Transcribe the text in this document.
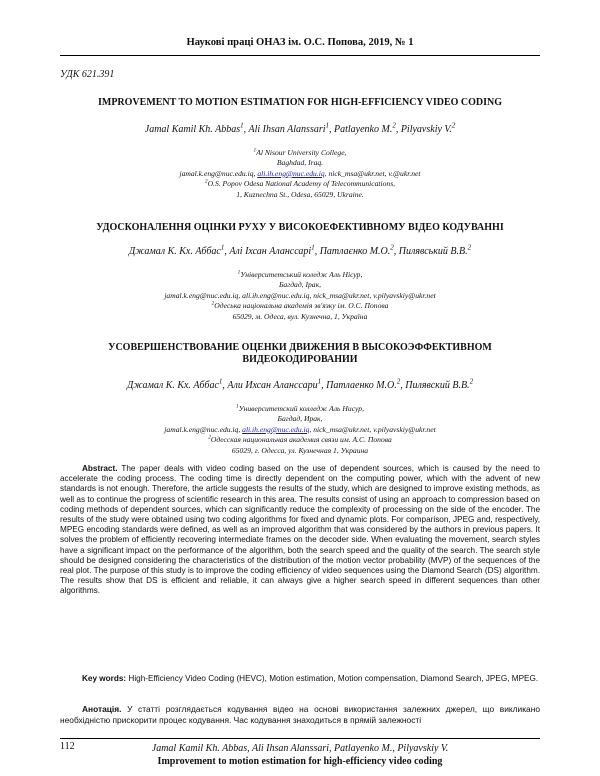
Наукові праці ОНАЗ ім. О.С. Попова, 2019, № 1
УДК 621.391
IMPROVEMENT TO MOTION ESTIMATION FOR HIGH-EFFICIENCY VIDEO CODING
Jamal Kamil Kh. Abbas$^1$, Ali Ihsan Alanssari$^1$, Patlayenko M.$^2$, Pilyavskiy V.$^2$
$^1$Al Nisour University College,
Baghdad, Iraq.
jamal.k.eng@nuc.edu.iq, ali.ih.eng@nuc.edu.iq, nick_msa@ukr.net, v.@ukr.net
$^2$O.S. Popov Odesa National Academy of Telecommunications,
1, Kuznechna St., Odesa, 65029, Ukraine.
УДОСКОНАЛЕННЯ ОЦІНКИ РУХУ У ВИСОКОЕФЕКТИВНОМУ ВІДЕО КОДУВАННІ
Джамал К. Кх. Аббас$^1$, Алі Іхсан Аланссарі$^1$, Патлаєнко М.О.$^2$, Пилявський В.В.$^2$
$^1$Університетський коледж Аль Нісур,
Багдад, Ірак,
jamal.k.eng@nuc.edu.iq, ali.ih.eng@nuc.edu.iq, nick_msa@ukr.net, v.pilyavskiy@ukr.net
$^2$Одеська національна академія зв'язку ім. О.С. Попова
65029, м. Одеса, вул. Кузнечна, 1, Україна
УСОВЕРШЕНСТВОВАНИЕ ОЦЕНКИ ДВИЖЕНИЯ В ВЫСОКОЭФФЕКТИВНОМ
ВИДЕОКОДИРОВАНИИ
Джамал К. Кх. Аббас$^1$, Али Ихсан Аланссари$^1$, Патлаенко М.О.$^2$, Пилявский В.В.$^2$
$^1$Университетский колледж Аль Нисур,
Багдад, Ирак,
jamal.k.eng@nuc.edu.iq, ali.ih.eng@nuc.edu.iq, nick_msa@ukr.net, v.pilyavskiy@ukr.net
$^2$Одесская национальная академия связи им. А.С. Попова
65029, г. Одесса, ул. Кузнечная 1, Украина
Abstract. The paper deals with video coding based on the use of dependent sources, which is caused by the need to accelerate the coding process. The coding time is directly dependent on the computing power, which with the advent of new standards is not enough. Therefore, the article suggests the results of the study, which are designed to improve existing methods, as well as to continue the progress of scientific research in this area. The results consist of using an approach to compression based on coding methods of dependent sources, which can significantly reduce the complexity of processing on the side of the encoder. The results of the study were obtained using two coding algorithms for fixed and dynamic plots. For comparison, JPEG and, respectively, MPEG encoding standards were defined, as well as an improved algorithm that was considered by the authors in previous papers. It solves the problem of efficiently recovering intermediate frames on the decoder side. When evaluating the movement, search styles have a significant impact on the performance of the algorithm, both the search speed and the quality of the search. The search style should be designed considering the characteristics of the distribution of the motion vector probability (MVP) of the sequences of the real plot. The purpose of this study is to improve the coding efficiency of video sequences using the Diamond Search (DS) algorithm. The results show that DS is efficient and reliable, it can always give a higher search speed in different sequences than other algorithms.
Key words: High-Efficiency Video Coding (HEVC), Motion estimation, Motion compensation, Diamond Search, JPEG, MPEG.
Анотація. У статті розглядається кодування відео на основі використання залежних джерел, що викликано необхідністю прискорити процес кодування. Час кодування знаходиться в прямій залежності
112	Jamal Kamil Kh. Abbas, Ali Ihsan Alanssari, Patlayenko M., Pilyavskiy V.
Improvement to motion estimation for high-efficiency video coding
